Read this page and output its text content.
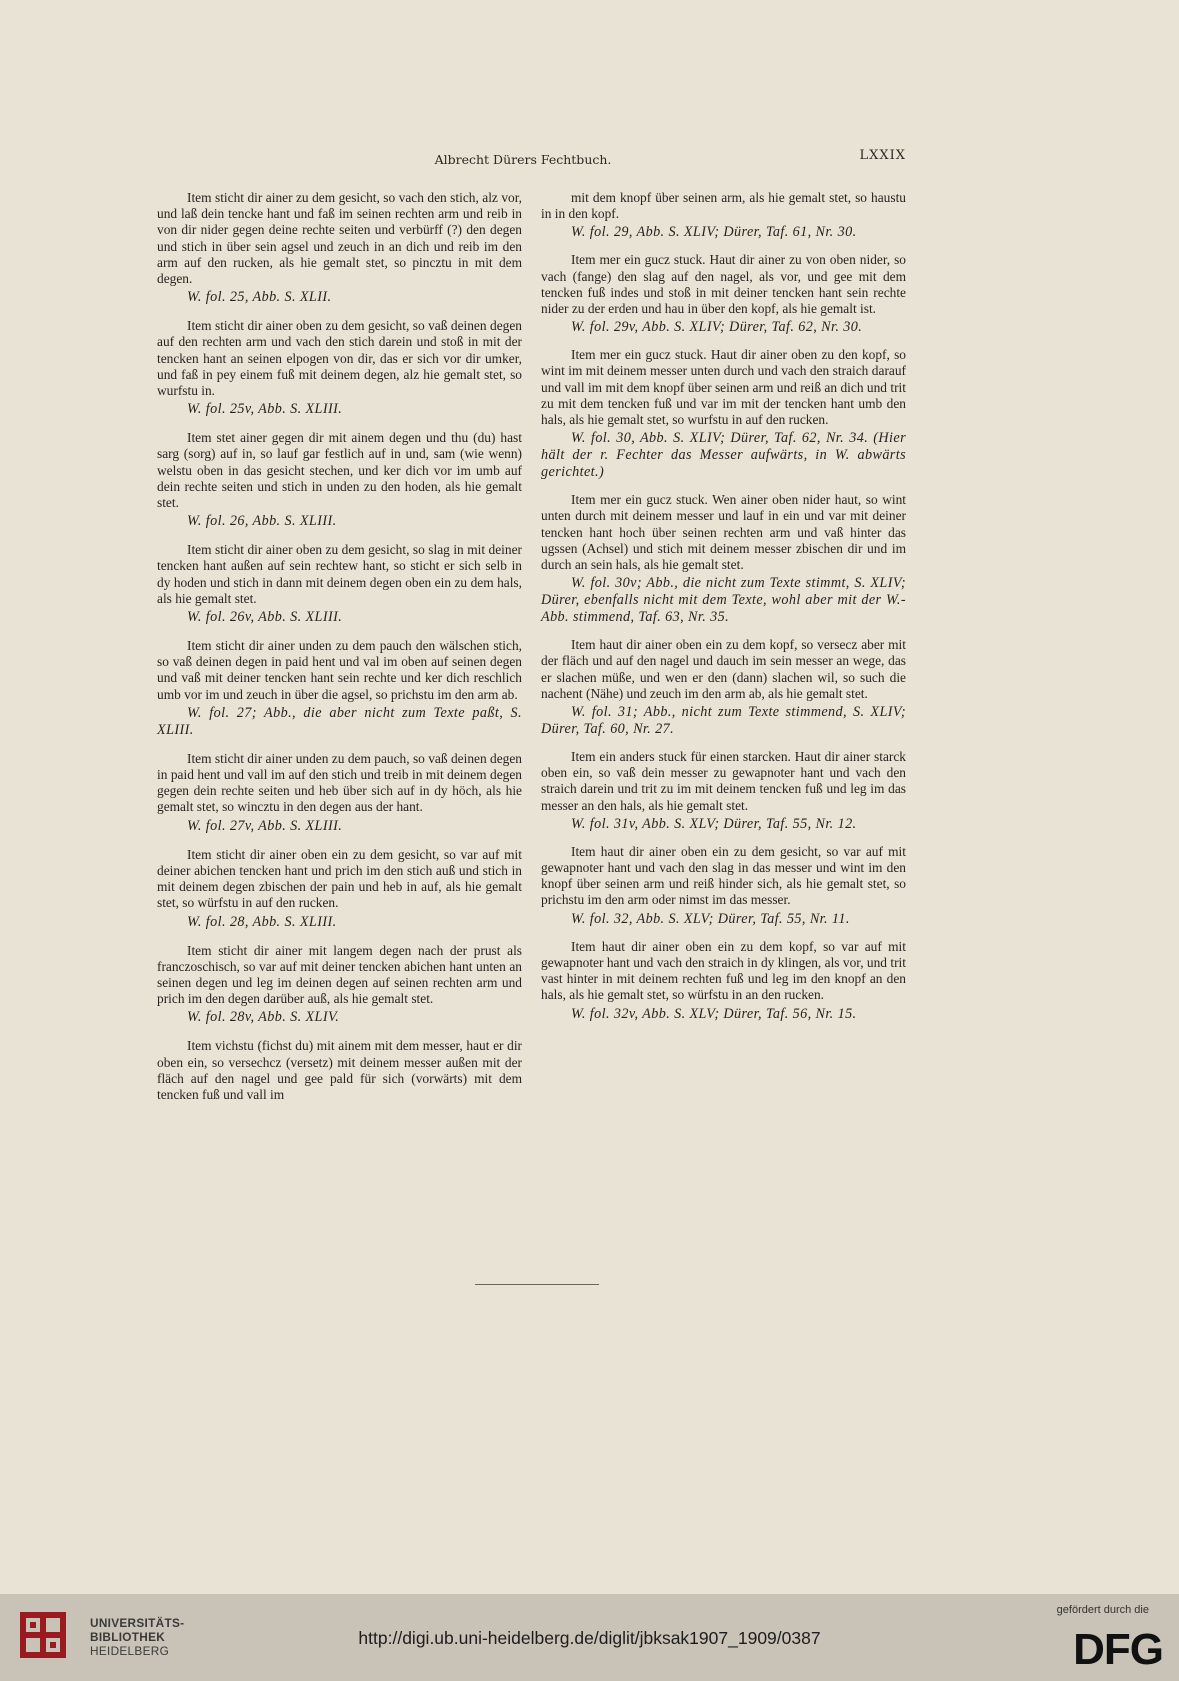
Albrecht Dürers Fechtbuch.	LXXIX

Item sticht dir ainer zu dem gesicht, so vach den stich, alz vor, und laß dein tencke hant und faß im seinen rechten arm und reib in von dir nider gegen deine rechte seiten und verbürff (?) den degen und stich in über sein agsel und zeuch in an dich und reib im den arm auf den rucken, als hie gemalt stet, so pincztu in mit dem degen.

W. fol. 25, Abb. S. XLII.

Item sticht dir ainer oben zu dem gesicht, so vaß deinen degen auf den rechten arm und vach den stich darein und stoß in mit der tencken hant an seinen elpogen von dir, das er sich vor dir umker, und faß in pey einem fuß mit deinem degen, alz hie gemalt stet, so wurfstu in.

W. fol. 25v, Abb. S. XLIII.

Item stet ainer gegen dir mit ainem degen und thu (du) hast sarg (sorg) auf in, so lauf gar festlich auf in und, sam (wie wenn) welstu oben in das gesicht stechen, und ker dich vor im umb auf dein rechte seiten und stich in unden zu den hoden, als hie gemalt stet.

W. fol. 26, Abb. S. XLIII.

Item sticht dir ainer oben zu dem gesicht, so slag in mit deiner tencken hant außen auf sein rechtew hant, so sticht er sich selb in dy hoden und stich in dann mit deinem degen oben ein zu dem hals, als hie gemalt stet.

W. fol. 26v, Abb. S. XLIII.

Item sticht dir ainer unden zu dem pauch den wälschen stich, so vaß deinen degen in paid hent und val im oben auf seinen degen und vaß mit deiner tencken hant sein rechte und ker dich reschlich umb vor im und zeuch in über die agsel, so prichstu im den arm ab.

W. fol. 27; Abb., die aber nicht zum Texte paßt, S. XLIII.

Item sticht dir ainer unden zu dem pauch, so vaß deinen degen in paid hent und vall im auf den stich und treib in mit deinem degen gegen dein rechte seiten und heb über sich auf in dy höch, als hie gemalt stet, so wincztu in den degen aus der hant.

W. fol. 27v, Abb. S. XLIII.

Item sticht dir ainer oben ein zu dem gesicht, so var auf mit deiner abichen tencken hant und prich im den stich auß und stich in mit deinem degen zbischen der pain und heb in auf, als hie gemalt stet, so würfstu in auf den rucken.

W. fol. 28, Abb. S. XLIII.

Item sticht dir ainer mit langem degen nach der prust als franczoschisch, so var auf mit deiner tencken abichen hant unten an seinen degen und leg im deinen degen auf seinen rechten arm und prich im den degen darüber auß, als hie gemalt stet.

W. fol. 28v, Abb. S. XLIV.

Item vichstu (fichst du) mit ainem mit dem messer, haut er dir oben ein, so versechcz (versetz) mit deinem messer außen mit der fläch auf den nagel und gee pald für sich (vorwärts) mit dem tencken fuß und vall im

mit dem knopf über seinen arm, als hie gemalt stet, so haustu in in den kopf.

W. fol. 29, Abb. S. XLIV; Dürer, Taf. 61, Nr. 30.

Item mer ein gucz stuck. Haut dir ainer zu von oben nider, so vach (fange) den slag auf den nagel, als vor, und gee mit dem tencken fuß indes und stoß in mit deiner tencken hant sein rechte nider zu der erden und hau in über den kopf, als hie gemalt ist.

W. fol. 29v, Abb. S. XLIV; Dürer, Taf. 62, Nr. 30.

Item mer ein gucz stuck. Haut dir ainer oben zu den kopf, so wint im mit deinem messer unten durch und vach den straich darauf und vall im mit dem knopf über seinen arm und reiß an dich und trit zu mit dem tencken fuß und var im mit der tencken hant umb den hals, als hie gemalt stet, so wurfstu in auf den rucken.

W. fol. 30, Abb. S. XLIV; Dürer, Taf. 62, Nr. 34. (Hier hält der r. Fechter das Messer aufwärts, in W. abwärts gerichtet.)

Item mer ein gucz stuck. Wen ainer oben nider haut, so wint unten durch mit deinem messer und lauf in ein und var mit deiner tencken hant hoch über seinen rechten arm und vaß hinter das ugssen (Achsel) und stich mit deinem messer zbischen dir und im durch an sein hals, als hie gemalt stet.

W. fol. 30v; Abb., die nicht zum Texte stimmt, S. XLIV; Dürer, ebenfalls nicht mit dem Texte, wohl aber mit der W.-Abb. stimmend, Taf. 63, Nr. 35.

Item haut dir ainer oben ein zu dem kopf, so versecz aber mit der fläch und auf den nagel und dauch im sein messer an wege, das er slachen müße, und wen er den (dann) slachen wil, so such die nachent (Nähe) und zeuch im den arm ab, als hie gemalt stet.

W. fol. 31; Abb., nicht zum Texte stimmend, S. XLIV; Dürer, Taf. 60, Nr. 27.

Item ein anders stuck für einen starcken. Haut dir ainer starck oben ein, so vaß dein messer zu gewapnoter hant und vach den straich darein und trit zu im mit deinem tencken fuß und leg im das messer an den hals, als hie gemalt stet.

W. fol. 31v, Abb. S. XLV; Dürer, Taf. 55, Nr. 12.

Item haut dir ainer oben ein zu dem gesicht, so var auf mit gewapnoter hant und vach den slag in das messer und wint im den knopf über seinen arm und reiß hinder sich, als hie gemalt stet, so prichstu im den arm oder nimst im das messer.

W. fol. 32, Abb. S. XLV; Dürer, Taf. 55, Nr. 11.

Item haut dir ainer oben ein zu dem kopf, so var auf mit gewapnoter hant und vach den straich in dy klingen, als vor, und trit vast hinter in mit deinem rechten fuß und leg im den knopf an den hals, als hie gemalt stet, so würfstu in an den rucken.

W. fol. 32v, Abb. S. XLV; Dürer, Taf. 56, Nr. 15.

UNIVERSITÄTS-
BIBLIOTHEK
HEIDELBERG
http://digi.ub.uni-heidelberg.de/diglit/jbksak1907_1909/0387
gefördert durch die
DFG
